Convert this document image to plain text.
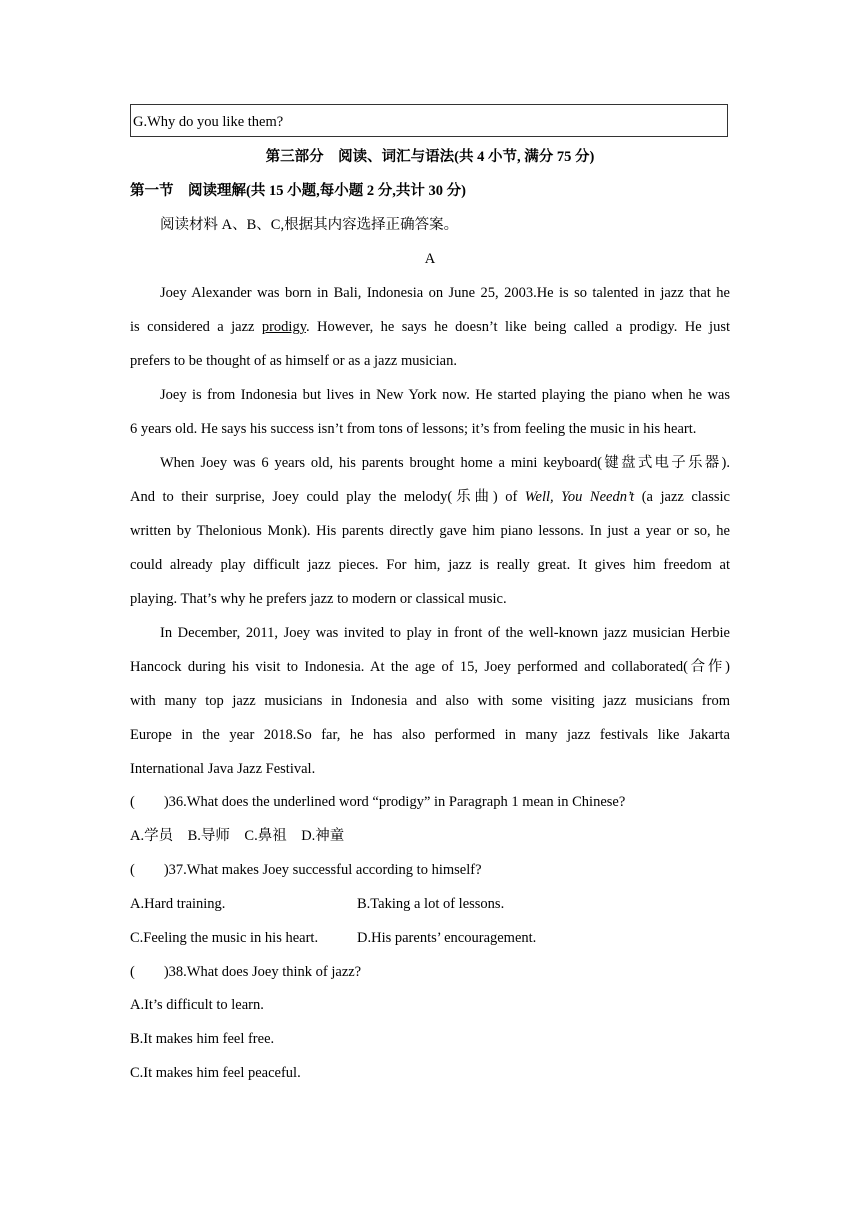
G.Why do you like them?
第三部分　阅读、词汇与语法(共 4 小节, 满分 75 分)
第一节　阅读理解(共 15 小题,每小题 2 分,共计 30 分)
阅读材料 A、B、C,根据其内容选择正确答案。
A
Joey Alexander was born in Bali, Indonesia on June 25, 2003.He is so talented in jazz that he
is considered a jazz prodigy. However, he says he doesn’t like being called a prodigy. He just
prefers to be thought of as himself or as a jazz musician.
Joey is from Indonesia but lives in New York now. He started playing the piano when he was
6 years old. He says his success isn’t from tons of lessons; it’s from feeling the music in his heart.
When Joey was 6 years old, his parents brought home a mini keyboard(键盘式电子乐器).
And to their surprise, Joey could play the melody(乐曲) of Well, You Needn’t (a jazz classic
written by Thelonious Monk). His parents directly gave him piano lessons. In just a year or so, he
could already play difficult jazz pieces. For him, jazz is really great. It gives him freedom at
playing. That’s why he prefers jazz to modern or classical music.
In December, 2011, Joey was invited to play in front of the well-known jazz musician Herbie
Hancock during his visit to Indonesia. At the age of 15, Joey performed and collaborated(合作)
with many top jazz musicians in Indonesia and also with some visiting jazz musicians from
Europe in the year 2018.So far, he has also performed in many jazz festivals like Jakarta
International Java Jazz Festival.
(　　)36.What does the underlined word “prodigy” in Paragraph 1 mean in Chinese?
A.学员　B.导师　C.鼻祖　D.神童
(　　)37.What makes Joey successful according to himself?
A.Hard training.	B.Taking a lot of lessons.
C.Feeling the music in his heart.	D.His parents’ encouragement.
(　　)38.What does Joey think of jazz?
A.It’s difficult to learn.
B.It makes him feel free.
C.It makes him feel peaceful.
